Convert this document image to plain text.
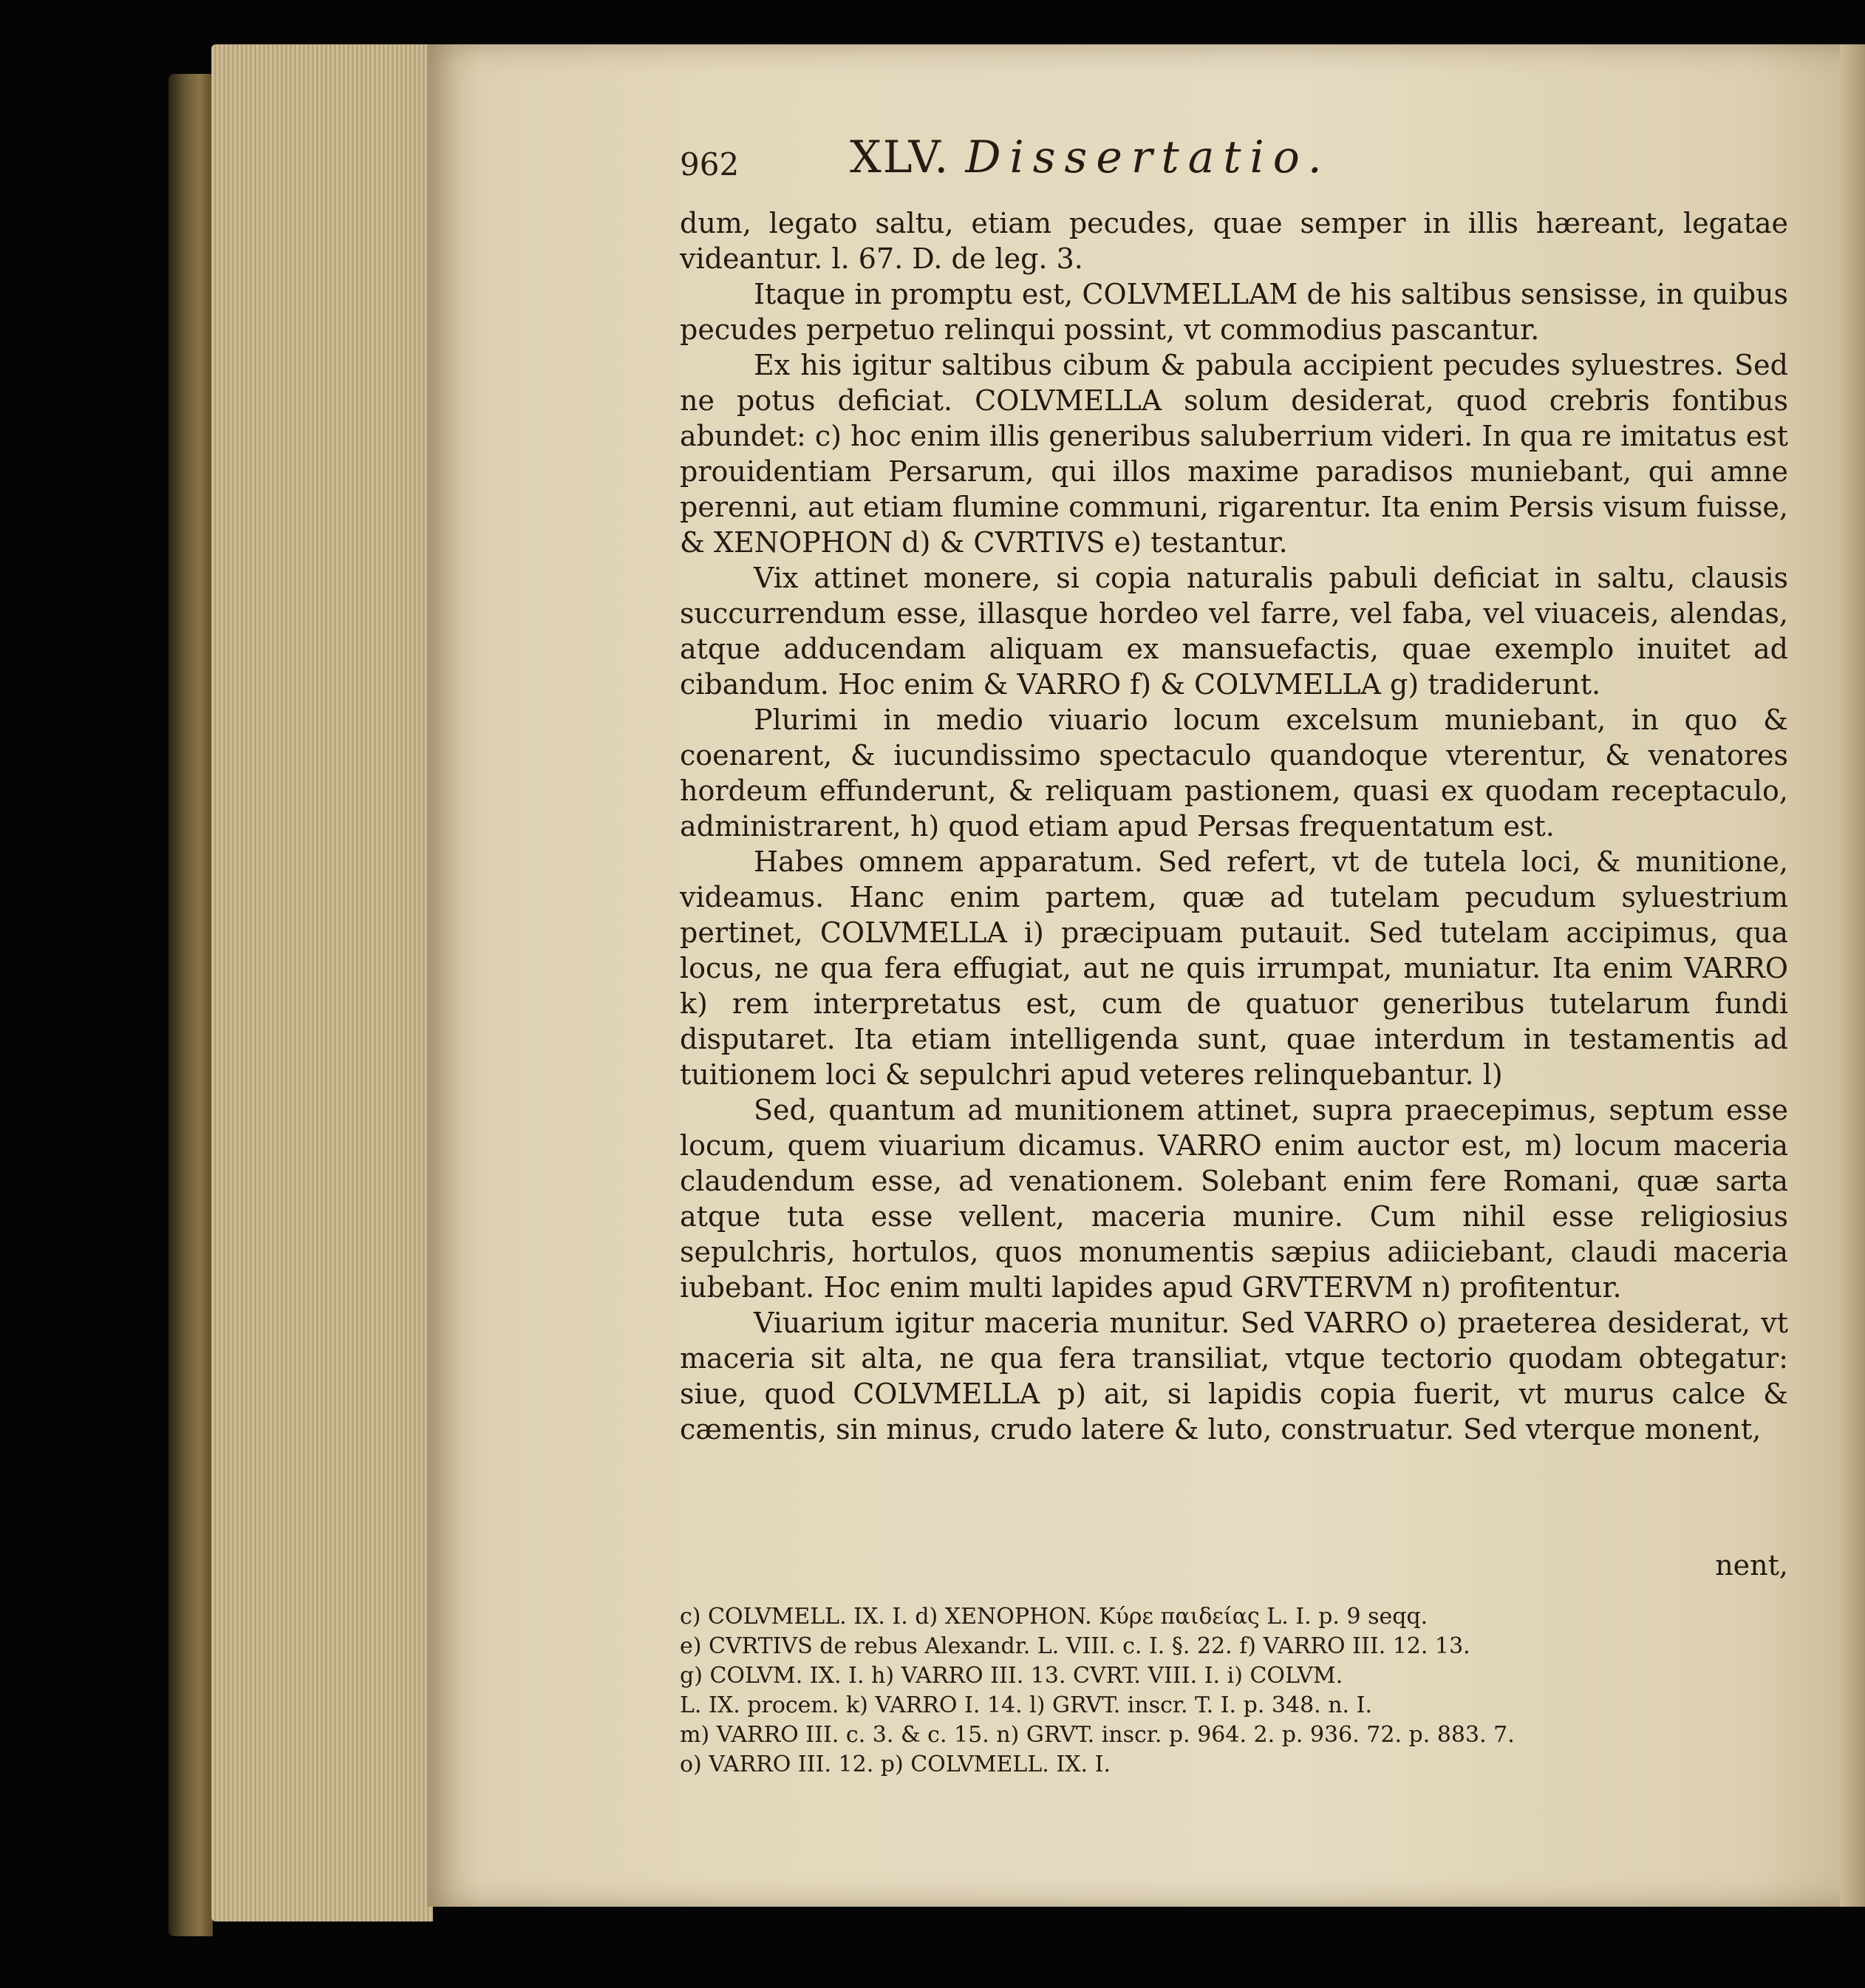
962 XLV. Dissertatio.

dum, legato saltu, etiam pecudes, quae semper in illis hæreant, legatae videantur. l. 67. D. de leg. 3.

Itaque in promptu est, COLVMELLAM de his saltibus sensisse, in quibus pecudes perpetuo relinqui possint, vt commodius pascantur.

Ex his igitur saltibus cibum & pabula accipient pecudes syluestres. Sed ne potus deficiat. COLVMELLA solum desiderat, quod crebris fontibus abundet: c) hoc enim illis generibus saluberrium videri. In qua re imitatus est prouidentiam Persarum, qui illos maxime paradisos muniebant, qui amne perenni, aut etiam flumine communi, rigarentur. Ita enim Persis visum fuisse, & XENOPHON d) & CVRTIVS e) testantur.

Vix attinet monere, si copia naturalis pabuli deficiat in saltu, clausis succurrendum esse, illasque hordeo vel farre, vel faba, vel viuaceis, alendas, atque adducendam aliquam ex mansuefactis, quae exemplo inuitet ad cibandum. Hoc enim & VARRO f) & COLVMELLA g) tradiderunt.

Plurimi in medio viuario locum excelsum muniebant, in quo & coenarent, & iucundissimo spectaculo quandoque vterentur, & venatores hordeum effunderunt, & reliquam pastionem, quasi ex quodam receptaculo, administrarent, h) quod etiam apud Persas frequentatum est.

Habes omnem apparatum. Sed refert, vt de tutela loci, & munitione, videamus. Hanc enim partem, quæ ad tutelam pecudum syluestrium pertinet, COLVMELLA i) præcipuam putauit. Sed tutelam accipimus, qua locus, ne qua fera effugiat, aut ne quis irrumpat, muniatur. Ita enim VARRO k) rem interpretatus est, cum de quatuor generibus tutelarum fundi disputaret. Ita etiam intelligenda sunt, quae interdum in testamentis ad tuitionem loci & sepulchri apud veteres relinquebantur. l)

Sed, quantum ad munitionem attinet, supra praecepimus, septum esse locum, quem viuarium dicamus. VARRO enim auctor est, m) locum maceria claudendum esse, ad venationem. Solebant enim fere Romani, quæ sarta atque tuta esse vellent, maceria munire. Cum nihil esse religiosius sepulchris, hortulos, quos monumentis sæpius adiiciebant, claudi maceria iubebant. Hoc enim multi lapides apud GRVTERVM n) profitentur.

Viuarium igitur maceria munitur. Sed VARRO o) praeterea desiderat, vt maceria sit alta, ne qua fera transiliat, vtque tectorio quodam obtegatur: siue, quod COLVMELLA p) ait, si lapidis copia fuerit, vt murus calce & cæmentis, sin minus, crudo latere & luto, construatur. Sed vterque monent,

nent,
c) COLVMELL. IX. I. d) XENOPHON. Κύρε παιδείας L. I. p. 9 seqq.
e) CVRTIVS de rebus Alexandr. L. VIII. c. I. §. 22. f) VARRO III. 12. 13.
g) COLVM. IX. I. h) VARRO III. 13. CVRT. VIII. I. i) COLVM.
L. IX. procem. k) VARRO I. 14. l) GRVT. inscr. T. I. p. 348. n. I.
m) VARRO III. c. 3. & c. 15. n) GRVT. inscr. p. 964. 2. p. 936. 72. p. 883. 7.
o) VARRO III. 12. p) COLVMELL. IX. I.
